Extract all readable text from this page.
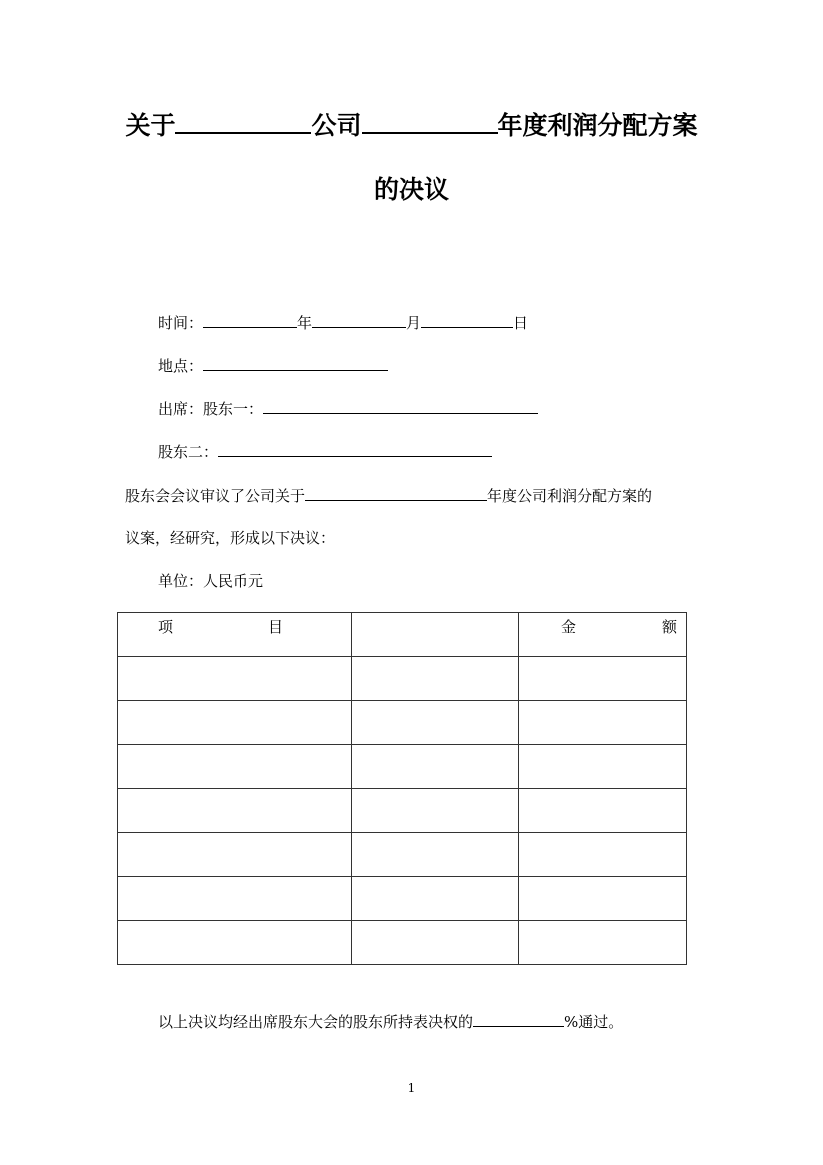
关于	公司	年度利润分配方案
的决议
时间：	年	月	日
地点：
出席：股东一：
股东二：
股东会会议审议了公司关于	年度公司利润分配方案的
议案，经研究，形成以下决议：
单位：人民币元
项 目		金 额

以上决议均经出席股东大会的股东所持表决权的	%通过。
1
